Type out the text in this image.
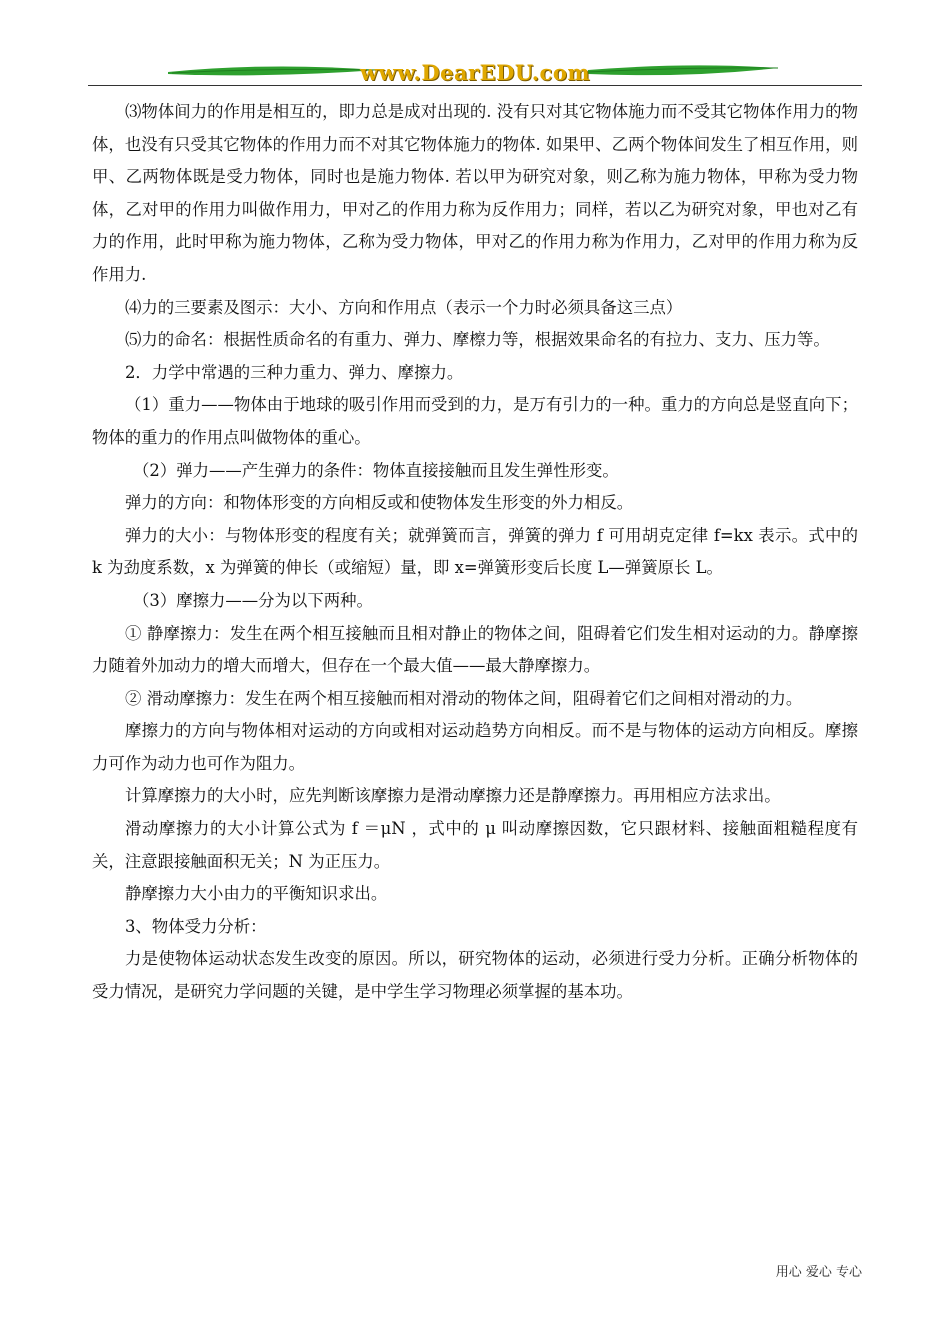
www.DearEDU.com

⑶物体间力的作用是相互的，即力总是成对出现的. 没有只对其它物体施力而不受其它物体作用力的物体，也没有只受其它物体的作用力而不对其它物体施力的物体. 如果甲、乙两个物体间发生了相互作用，则甲、乙两物体既是受力物体，同时也是施力物体. 若以甲为研究对象，则乙称为施力物体，甲称为受力物体，乙对甲的作用力叫做作用力，甲对乙的作用力称为反作用力；同样，若以乙为研究对象，甲也对乙有力的作用，此时甲称为施力物体，乙称为受力物体，甲对乙的作用力称为作用力，乙对甲的作用力称为反作用力.

⑷力的三要素及图示：大小、方向和作用点（表示一个力时必须具备这三点）

⑸力的命名：根据性质命名的有重力、弹力、摩檫力等，根据效果命名的有拉力、支力、压力等。

2．力学中常遇的三种力重力、弹力、摩擦力。

（1）重力——物体由于地球的吸引作用而受到的力，是万有引力的一种。重力的方向总是竖直向下；物体的重力的作用点叫做物体的重心。

（2）弹力——产生弹力的条件：物体直接接触而且发生弹性形变。

弹力的方向：和物体形变的方向相反或和使物体发生形变的外力相反。

弹力的大小：与物体形变的程度有关；就弹簧而言，弹簧的弹力 f 可用胡克定律 f=kx 表示。式中的 k 为劲度系数，x 为弹簧的伸长（或缩短）量，即 x=弹簧形变后长度 L—弹簧原长 L。

（3）摩擦力——分为以下两种。

① 静摩擦力：发生在两个相互接触而且相对静止的物体之间，阻碍着它们发生相对运动的力。静摩擦力随着外加动力的增大而增大，但存在一个最大值——最大静摩擦力。

② 滑动摩擦力：发生在两个相互接触而相对滑动的物体之间，阻碍着它们之间相对滑动的力。

摩擦力的方向与物体相对运动的方向或相对运动趋势方向相反。而不是与物体的运动方向相反。摩擦力可作为动力也可作为阻力。

计算摩擦力的大小时，应先判断该摩擦力是滑动摩擦力还是静摩擦力。再用相应方法求出。

滑动摩擦力的大小计算公式为 f ＝μN ，式中的 μ 叫动摩擦因数，它只跟材料、接触面粗糙程度有关，注意跟接触面积无关；N 为正压力。

静摩擦力大小由力的平衡知识求出。

3、物体受力分析：

力是使物体运动状态发生改变的原因。所以，研究物体的运动，必须进行受力分析。正确分析物体的受力情况，是研究力学问题的关键，是中学生学习物理必须掌握的基本功。

用心 爱心 专心
